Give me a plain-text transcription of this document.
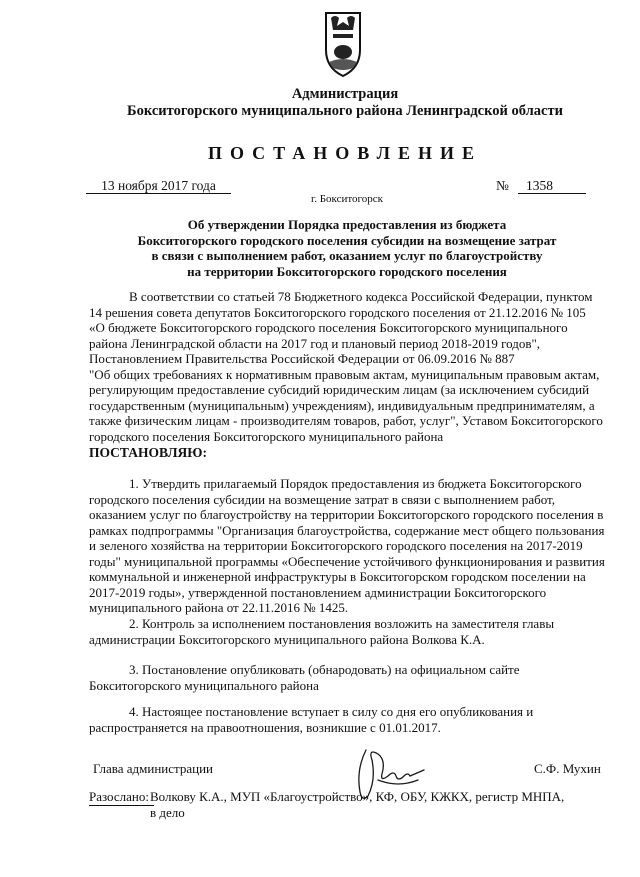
Администрация
Бокситогорского муниципального района Ленинградской области
ПОСТАНОВЛЕНИЕ
13 ноября 2017 года	№	1358
г. Бокситогорск
Об утверждении Порядка предоставления из бюджета
Бокситогорского городского поселения субсидии на возмещение затрат
в связи с выполнением работ, оказанием услуг по благоустройству
на территории Бокситогорского городского поселения
В соответствии со статьей 78 Бюджетного кодекса Российской Федерации, пунктом
14 решения совета депутатов Бокситогорского городского поселения от 21.12.2016 № 105
«О бюджете Бокситогорского городского поселения Бокситогорского муниципального
района Ленинградской области на 2017 год и плановый период 2018-2019 годов",
Постановлением Правительства Российской Федерации от 06.09.2016 № 887
"Об общих требованиях к нормативным правовым актам, муниципальным правовым актам,
регулирующим предоставление субсидий юридическим лицам (за исключением субсидий
государственным (муниципальным) учреждениям), индивидуальным предпринимателям, а
также физическим лицам - производителям товаров, работ, услуг", Уставом Бокситогорского
городского поселения Бокситогорского муниципального района
ПОСТАНОВЛЯЮ:
1. Утвердить прилагаемый Порядок предоставления из бюджета Бокситогорского
городского поселения субсидии на возмещение затрат в связи с выполнением работ,
оказанием услуг по благоустройству на территории Бокситогорского городского поселения в
рамках подпрограммы "Организация благоустройства, содержание мест общего пользования
и зеленого хозяйства на территории Бокситогорского городского поселения на 2017-2019
годы" муниципальной программы «Обеспечение устойчивого функционирования и развития
коммунальной и инженерной инфраструктуры в Бокситогорском городском поселении на
2017-2019 годы», утвержденной постановлением администрации Бокситогорского
муниципального района от 22.11.2016 № 1425.
2. Контроль за исполнением постановления возложить на заместителя главы
администрации Бокситогорского муниципального района Волкова К.А.
3. Постановление опубликовать (обнародовать) на официальном сайте
Бокситогорского муниципального района
4. Настоящее постановление вступает в силу со дня его опубликования и
распространяется на правоотношения, возникшие с 01.01.2017.
Глава администрации	С.Ф. Мухин
Разослано: Волкову К.А., МУП «Благоустройство», КФ, ОБУ, КЖКХ, регистр МНПА,
в дело
